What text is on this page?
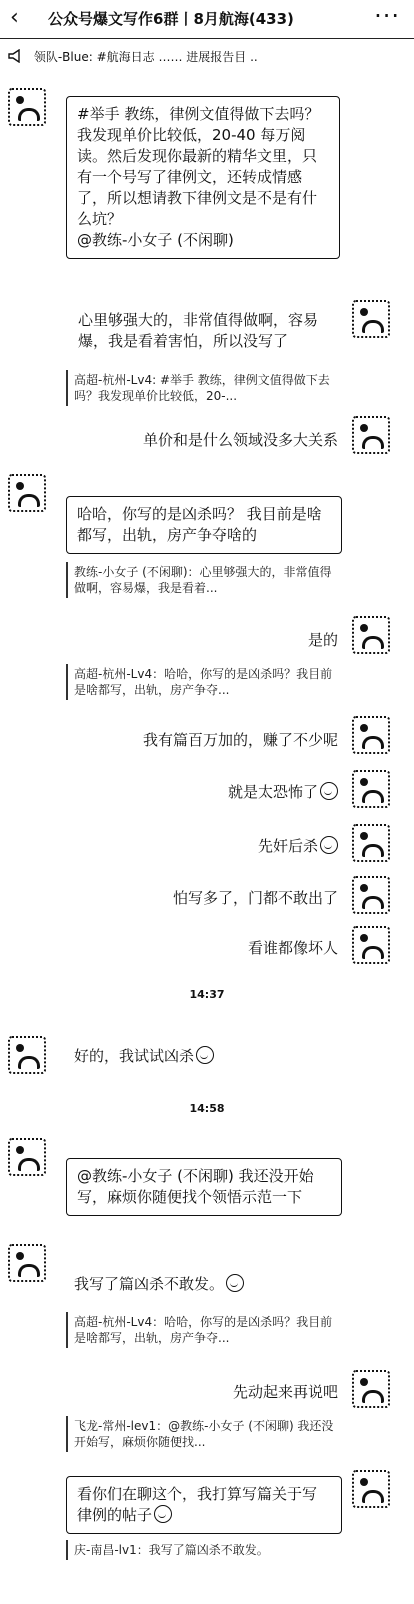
‹ 公众号爆文写作6群丨8月航海(433)	···
领队-Blue: #航海日志 …… 进展报告目 ..
#举手 教练，律例文值得做下去吗？
我发现单价比较低，20-40 每万阅读。然后发现你最新的精华文里，只有一个号写了律例文，还转成情感了，所以想请教下律例文是不是有什么坑？
@教练-小女子 (不闲聊)
心里够强大的，非常值得做啊，容易爆，我是看着害怕，所以没写了
高超-杭州-Lv4: #举手 教练，律例文值得做下去吗？我发现单价比较低，20-...
单价和是什么领域没多大关系
哈哈，你写的是凶杀吗？ 我目前是啥都写，出轨，房产争夺啥的
教练-小女子 (不闲聊)：心里够强大的，非常值得做啊，容易爆，我是看着...
是的
高超-杭州-Lv4：哈哈，你写的是凶杀吗？我目前是啥都写，出轨，房产争夺...
我有篇百万加的，赚了不少呢
就是太恐怖了
先奸后杀
怕写多了，门都不敢出了
看谁都像坏人
14:37
好的，我试试凶杀
14:58
@教练-小女子 (不闲聊) 我还没开始写，麻烦你随便找个领悟示范一下
我写了篇凶杀不敢发。
高超-杭州-Lv4：哈哈，你写的是凶杀吗？我目前是啥都写，出轨，房产争夺...
先动起来再说吧
飞龙-常州-lev1：@教练-小女子 (不闲聊) 我还没开始写，麻烦你随便找...
看你们在聊这个，我打算写篇关于写律例的帖子
庆-南昌-lv1：我写了篇凶杀不敢发。
